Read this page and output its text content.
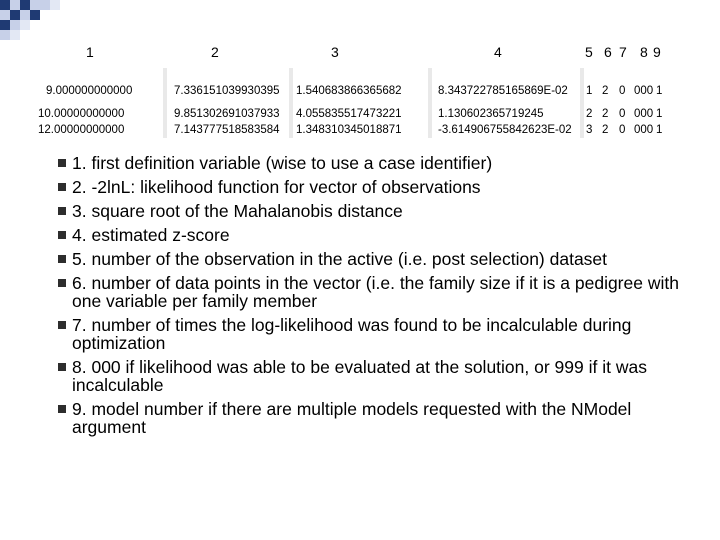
1	2	3	4	5 6 7 8 9
9.000000000000	7.336151039930395 1.540683866365682	8.343722785165869E-02 1 2 0 000 1
10.00000000000	9.851302691037933 4.055835517473221	1.130602365719245	2 2 0 000 1
12.00000000000	7.143777518583584 1.348310345018871	-3.614906755842623E-02 3 2 0 000 1
1. first definition variable (wise to use a case identifier)
2. -2lnL: likelihood function for vector of observations
3. square root of the Mahalanobis distance
4. estimated z-score
5. number of the observation in the active (i.e. post selection) dataset
6. number of data points in the vector (i.e. the family size if it is a pedigree with one variable per family member
7. number of times the log-likelihood was found to be incalculable during optimization
8. 000 if likelihood was able to be evaluated at the solution, or 999 if it was incalculable
9. model number if there are multiple models requested with the NModel argument
